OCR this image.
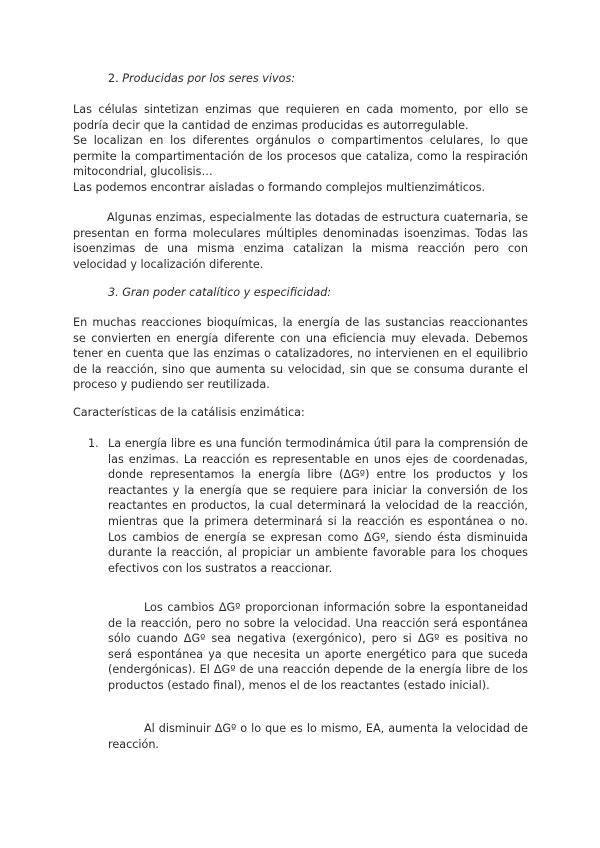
2. Producidas por los seres vivos:

Las células sintetizan enzimas que requieren en cada momento, por ello se podría decir que la cantidad de enzimas producidas es autorregulable.

Se localizan en los diferentes orgánulos o compartimentos celulares, lo que permite la compartimentación de los procesos que cataliza, como la respiración mitocondrial, glucolisis…

Las podemos encontrar aisladas o formando complejos multienzimáticos.

Algunas enzimas, especialmente las dotadas de estructura cuaternaria, se presentan en forma moleculares múltiples denominadas isoenzimas. Todas las isoenzimas de una misma enzima catalizan la misma reacción pero con velocidad y localización diferente.

3. Gran poder catalítico y especificidad:

En muchas reacciones bioquímicas, la energía de las sustancias reaccionantes se convierten en energía diferente con una eficiencia muy elevada. Debemos tener en cuenta que las enzimas o catalizadores, no intervienen en el equilibrio de la reacción, sino que aumenta su velocidad, sin que se consuma durante el proceso y pudiendo ser reutilizada.

Características de la catálisis enzimática:

1. La energía libre es una función termodinámica útil para la comprensión de las enzimas. La reacción es representable en unos ejes de coordenadas, donde representamos la energía libre (ΔGº) entre los productos y los reactantes y la energía que se requiere para iniciar la conversión de los reactantes en productos, la cual determinará la velocidad de la reacción, mientras que la primera determinará si la reacción es espontánea o no. Los cambios de energía se expresan como ΔGº, siendo ésta disminuida durante la reacción, al propiciar un ambiente favorable para los choques efectivos con los sustratos a reaccionar.

Los cambios ΔGº proporcionan información sobre la espontaneidad de la reacción, pero no sobre la velocidad. Una reacción será espontánea sólo cuando ΔGº sea negativa (exergónico), pero si ΔGº es positiva no será espontánea ya que necesita un aporte energético para que suceda (endergónicas). El ΔGº de una reacción depende de la energía libre de los productos (estado final), menos el de los reactantes (estado inicial).

Al disminuir ΔGº o lo que es lo mismo, EA, aumenta la velocidad de reacción.
